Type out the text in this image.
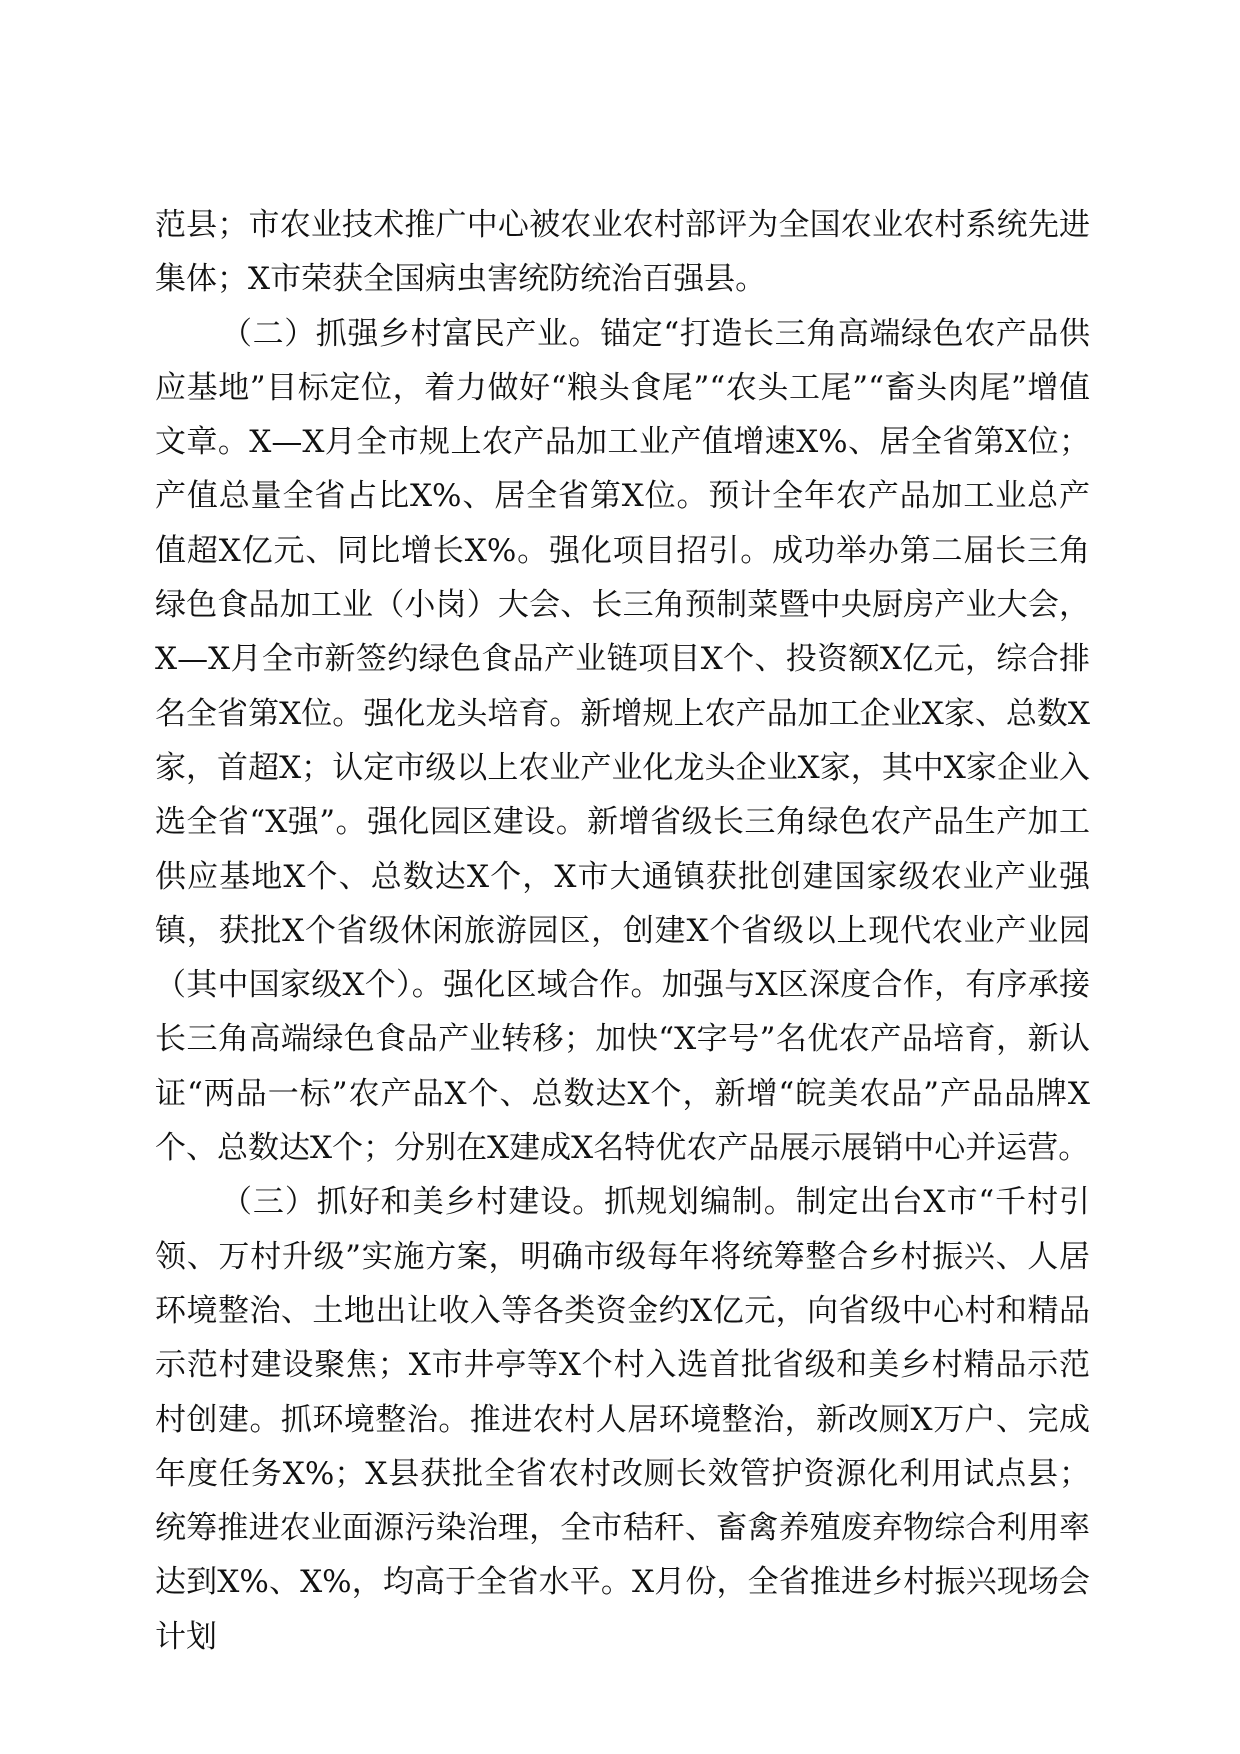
范县；市农业技术推广中心被农业农村部评为全国农业农村系统先进集体；X市荣获全国病虫害统防统治百强县。

（二）抓强乡村富民产业。锚定“打造长三角高端绿色农产品供应基地”目标定位，着力做好“粮头食尾”“农头工尾”“畜头肉尾”增值文章。X—X月全市规上农产品加工业产值增速X%、居全省第X位；产值总量全省占比X%、居全省第X位。预计全年农产品加工业总产值超X亿元、同比增长X%。强化项目招引。成功举办第二届长三角绿色食品加工业（小岗）大会、长三角预制菜暨中央厨房产业大会，X—X月全市新签约绿色食品产业链项目X个、投资额X亿元，综合排名全省第X位。强化龙头培育。新增规上农产品加工企业X家、总数X家，首超X；认定市级以上农业产业化龙头企业X家，其中X家企业入选全省“X强”。强化园区建设。新增省级长三角绿色农产品生产加工供应基地X个、总数达X个，X市大通镇获批创建国家级农业产业强镇，获批X个省级休闲旅游园区，创建X个省级以上现代农业产业园（其中国家级X个）。强化区域合作。加强与X区深度合作，有序承接长三角高端绿色食品产业转移；加快“X字号”名优农产品培育，新认证“两品一标”农产品X个、总数达X个，新增“皖美农品”产品品牌X个、总数达X个；分别在X建成X名特优农产品展示展销中心并运营。

（三）抓好和美乡村建设。抓规划编制。制定出台X市“千村引领、万村升级”实施方案，明确市级每年将统筹整合乡村振兴、人居环境整治、土地出让收入等各类资金约X亿元，向省级中心村和精品示范村建设聚焦；X市井亭等X个村入选首批省级和美乡村精品示范村创建。抓环境整治。推进农村人居环境整治，新改厕X万户、完成年度任务X%；X县获批全省农村改厕长效管护资源化利用试点县；统筹推进农业面源污染治理，全市秸秆、畜禽养殖废弃物综合利用率达到X%、X%，均高于全省水平。X月份，全省推进乡村振兴现场会计划
